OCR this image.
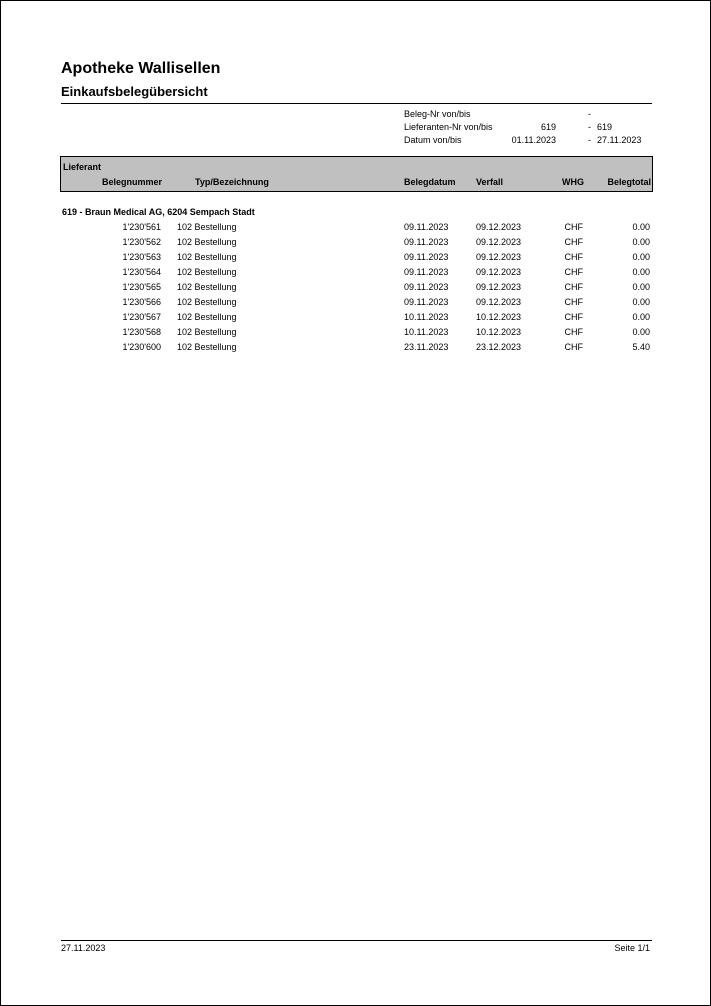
Apotheke Wallisellen
Einkaufsbelegübersicht
Beleg-Nr von/bis	-
Lieferanten-Nr von/bis	619	- 619
Datum von/bis	01.11.2023	- 27.11.2023
Lieferant
Belegnummer	Typ/Bezeichnung	Belegdatum Verfall	WHG	Belegtotal
619 - Braun Medical AG, 6204 Sempach Stadt
1'230'561 102 Bestellung	09.11.2023	09.12.2023	CHF	0.00
1'230'562 102 Bestellung	09.11.2023	09.12.2023	CHF	0.00
1'230'563 102 Bestellung	09.11.2023	09.12.2023	CHF	0.00
1'230'564 102 Bestellung	09.11.2023	09.12.2023	CHF	0.00
1'230'565 102 Bestellung	09.11.2023	09.12.2023	CHF	0.00
1'230'566 102 Bestellung	09.11.2023	09.12.2023	CHF	0.00
1'230'567 102 Bestellung	10.11.2023	10.12.2023	CHF	0.00
1'230'568 102 Bestellung	10.11.2023	10.12.2023	CHF	0.00
1'230'600 102 Bestellung	23.11.2023	23.12.2023	CHF	5.40
27.11.2023	Seite 1/1
